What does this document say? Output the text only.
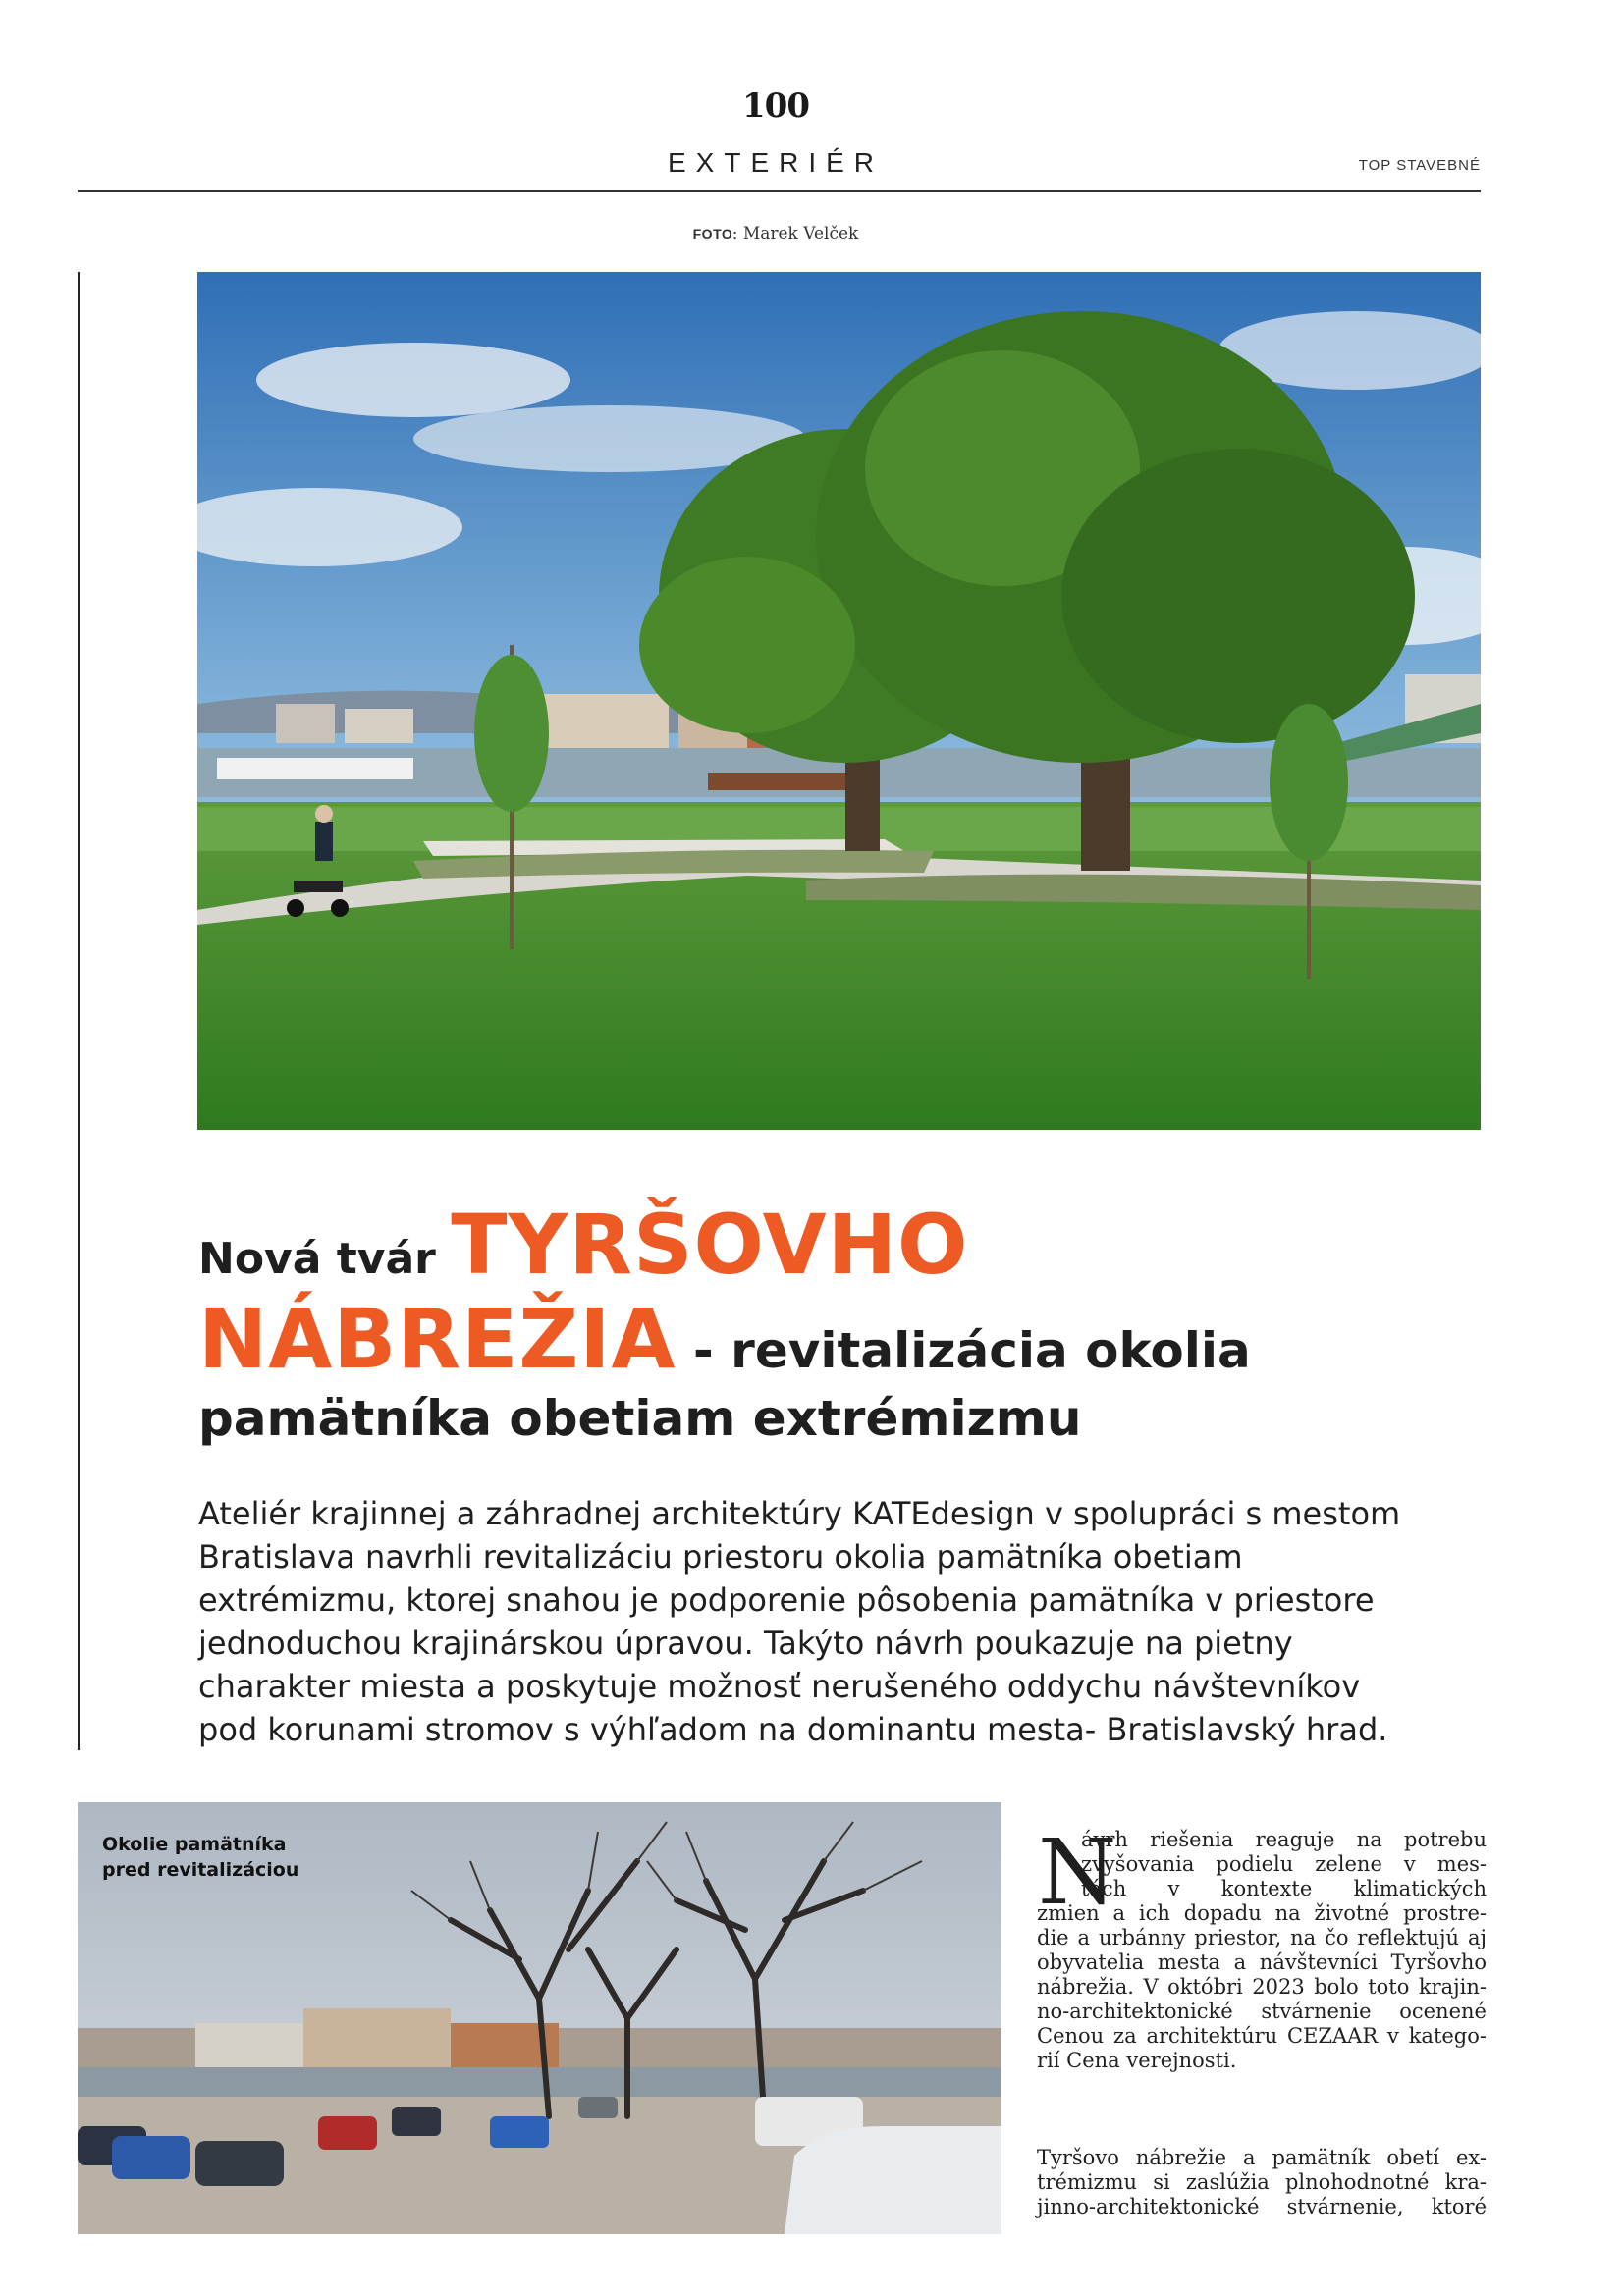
100
EXTERIÉR	TOP STAVEBNÉ
FOTO: Marek Velček
Nová tvár TYRŠOVHO
NÁBREŽIA - revitalizácia okolia
pamätníka obetiam extrémizmu
Ateliér krajinnej a záhradnej architektúry KATEdesign v spolupráci s mestom
Bratislava navrhli revitalizáciu priestoru okolia pamätníka obetiam
extrémizmu, ktorej snahou je podporenie pôsobenia pamätníka v priestore
jednoduchou krajinárskou úpravou. Takýto návrh poukazuje na pietny
charakter miesta a poskytuje možnosť nerušeného oddychu návštevníkov
pod korunami stromov s výhľadom na dominantu mesta- Bratislavský hrad.
Okolie pamätníka
pred revitalizáciou	N
ávrh riešenia reaguje na potrebu
zvyšovania podielu zelene v mes-
tách v kontexte klimatických
zmien a ich dopadu na životné prostre-
die a urbánny priestor, na čo reflektujú aj
obyvatelia mesta a návštevníci Tyršovho
nábrežia. V októbri 2023 bolo toto krajin-
no-architektonické stvárnenie ocenené
Cenou za architektúru CEZAAR v katego-
rií Cena verejnosti.
Tyršovo nábrežie a pamätník obetí ex-
trémizmu si zaslúžia plnohodnotné kra-
jinno-architektonické stvárnenie, ktoré
